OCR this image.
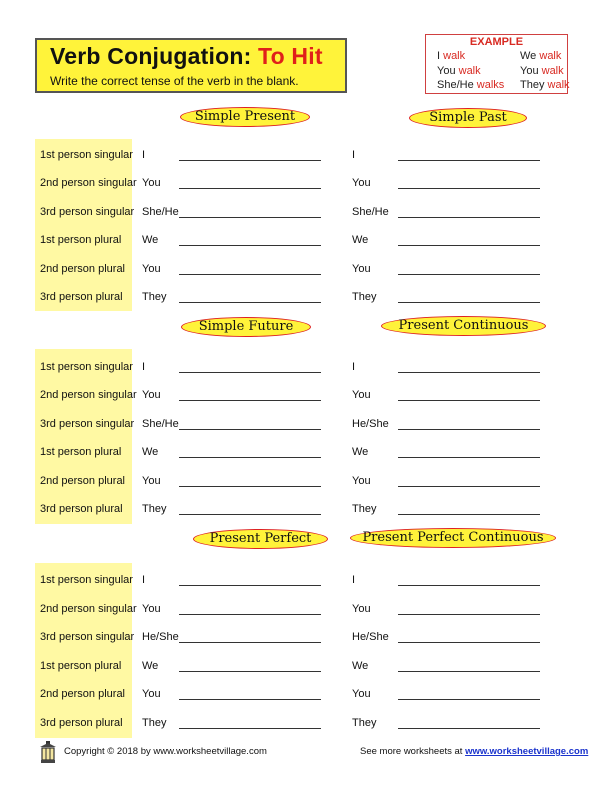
Verb Conjugation: To Hit
Write the correct tense of the verb in the blank.
EXAMPLE
I walk	We walk
You walk	You walk
She/He walks They walk
Simple Present	Simple Past
Simple Future	Present Continuous
Present Perfect	Present Perfect Continuous
1st person singular I	I
2nd person singular You	You
3rd person singular She/He	She/He
1st person plural We	We
2nd person plural You	You
3rd person plural They	They
1st person singular I	I
2nd person singular You	You
3rd person singular She/He	He/She
1st person plural We	We
2nd person plural You	You
3rd person plural They	They
1st person singular I	I
2nd person singular You	You
3rd person singular He/She	He/She
1st person plural We	We
2nd person plural You	You
3rd person plural They	They
Copyright © 2018 by www.worksheetvillage.com	See more worksheets at www.worksheetvillage.com
